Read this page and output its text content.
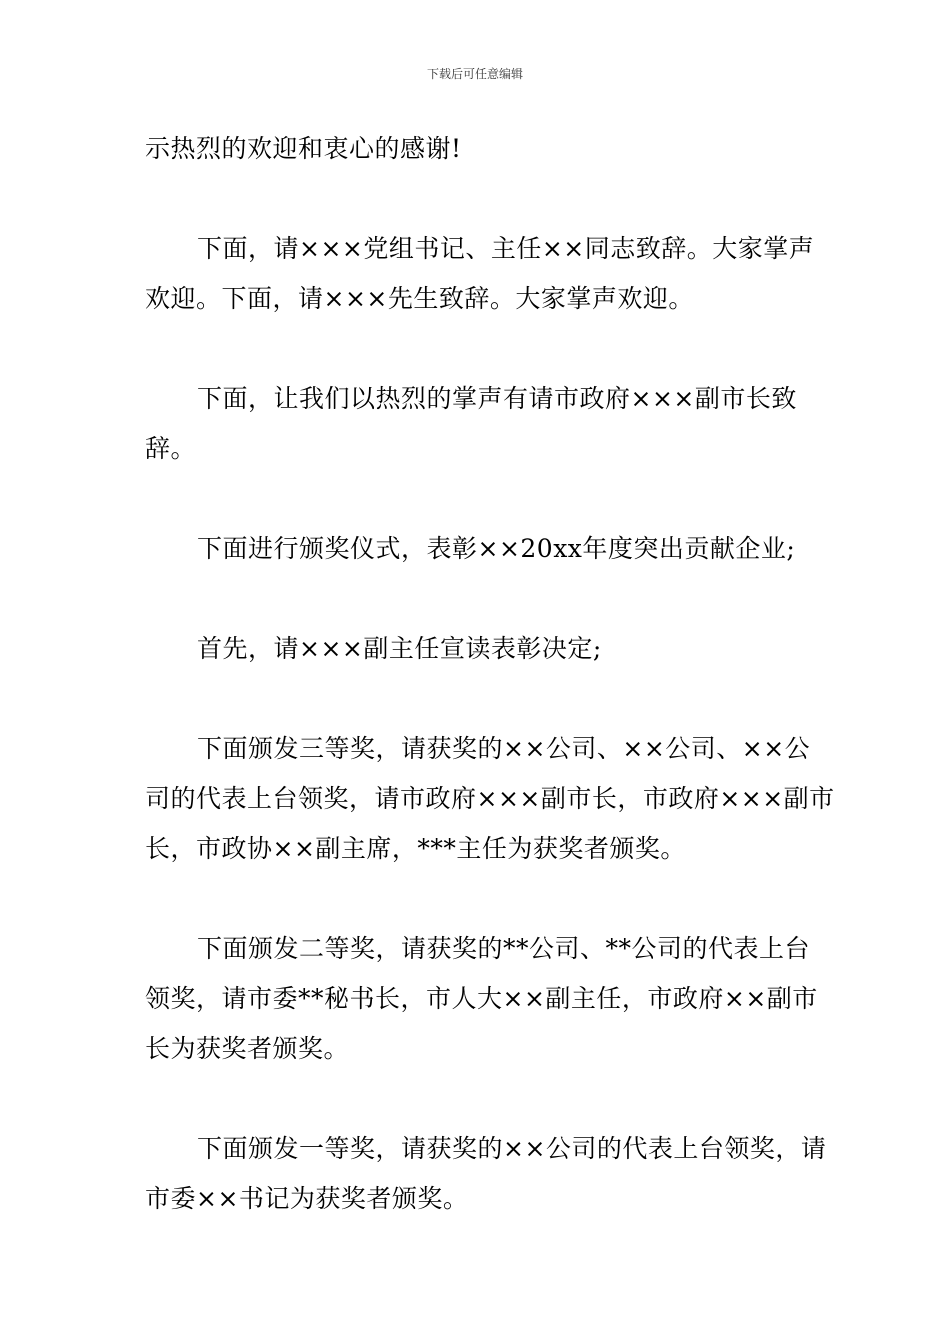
下载后可任意编辑

示热烈的欢迎和衷心的感谢!

下面，请×××党组书记、主任××同志致辞。大家掌声欢迎。下面，请×××先生致辞。大家掌声欢迎。

下面，让我们以热烈的掌声有请市政府×××副市长致辞。

下面进行颁奖仪式，表彰××20xx年度突出贡献企业;

首先，请×××副主任宣读表彰决定;

下面颁发三等奖，请获奖的××公司、××公司、××公司的代表上台领奖，请市政府×××副市长，市政府×××副市长，市政协××副主席，***主任为获奖者颁奖。

下面颁发二等奖，请获奖的**公司、**公司的代表上台领奖，请市委**秘书长，市人大××副主任，市政府××副市长为获奖者颁奖。

下面颁发一等奖，请获奖的××公司的代表上台领奖，请市委××书记为获奖者颁奖。
